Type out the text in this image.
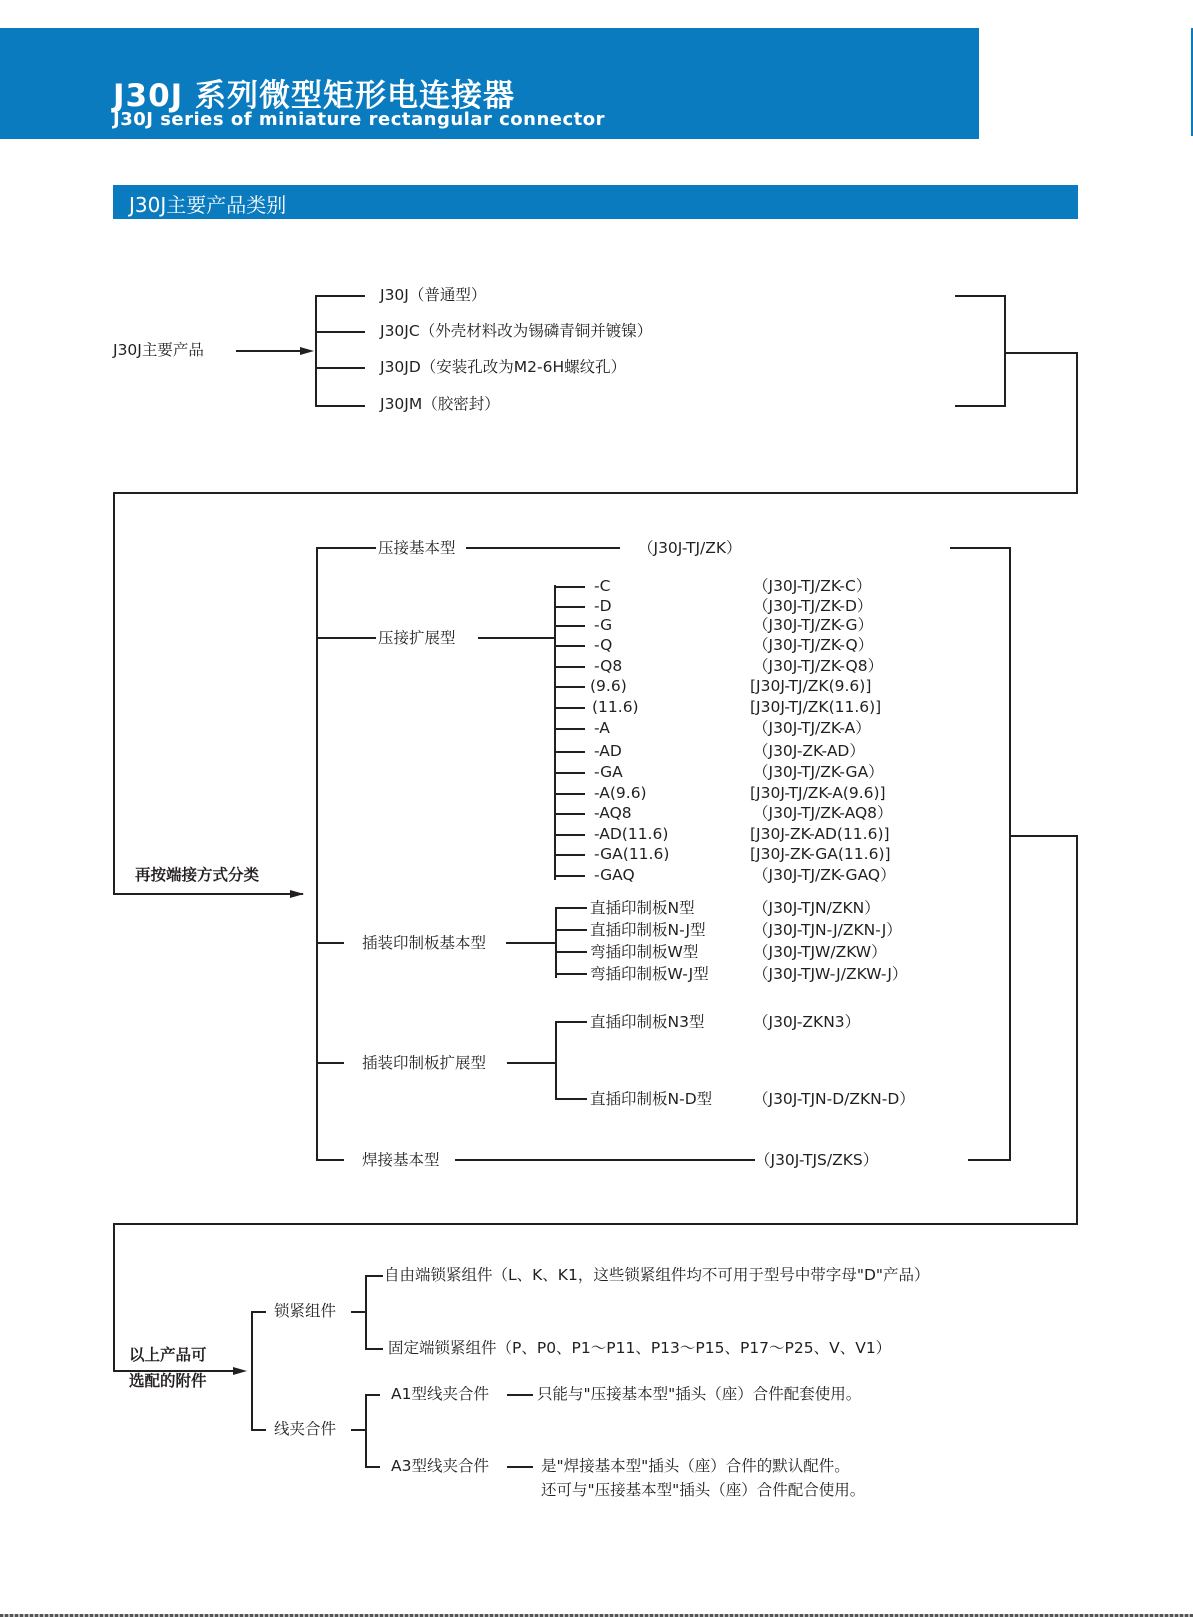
J30J 系列微型矩形电连接器
J30J series of miniature rectangular connector
J30J主要产品类别
J30J主要产品
J30J（普通型）
J30JC（外壳材料改为锡磷青铜并镀镍）
J30JD（安装孔改为M2-6H螺纹孔）
J30JM（胶密封）
再按端接方式分类
压接基本型	（J30J-TJ/ZK）
压接扩展型
-C	（J30J-TJ/ZK-C）
-D	（J30J-TJ/ZK-D）
-G	（J30J-TJ/ZK-G）
-Q	（J30J-TJ/ZK-Q）
-Q8	（J30J-TJ/ZK-Q8）
(9.6)	[J30J-TJ/ZK(9.6)]
(11.6)	[J30J-TJ/ZK(11.6)]
-A	（J30J-TJ/ZK-A）
-AD	（J30J-ZK-AD）
-GA	（J30J-TJ/ZK-GA）
-A(9.6)	[J30J-TJ/ZK-A(9.6)]
-AQ8	（J30J-TJ/ZK-AQ8）
-AD(11.6)	[J30J-ZK-AD(11.6)]
-GA(11.6)	[J30J-ZK-GA(11.6)]
-GAQ	（J30J-TJ/ZK-GAQ）
插装印制板基本型
直插印制板N型	（J30J-TJN/ZKN）
直插印制板N-J型	（J30J-TJN-J/ZKN-J）
弯插印制板W型	（J30J-TJW/ZKW）
弯插印制板W-J型	（J30J-TJW-J/ZKW-J）
插装印制板扩展型
直插印制板N3型	（J30J-ZKN3）
直插印制板N-D型	（J30J-TJN-D/ZKN-D）
焊接基本型	（J30J-TJS/ZKS）
以上产品可
选配的附件
锁紧组件
自由端锁紧组件（L、K、K1，这些锁紧组件均不可用于型号中带字母"D"产品）
固定端锁紧组件（P、P0、P1～P11、P13～P15、P17～P25、V、V1）
线夹合件
A1型线夹合件	只能与"压接基本型"插头（座）合件配套使用。
A3型线夹合件	是"焊接基本型"插头（座）合件的默认配件。
还可与"压接基本型"插头（座）合件配合使用。
